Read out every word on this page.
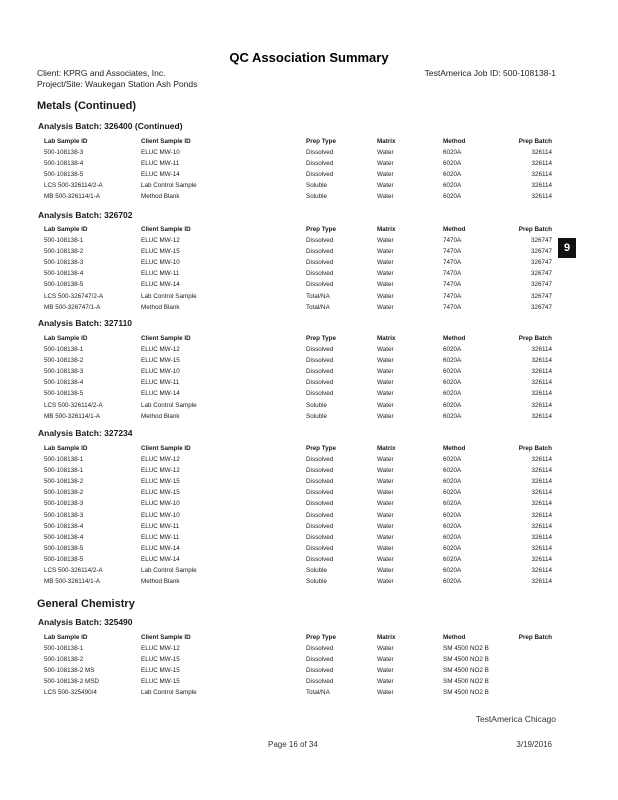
QC Association Summary
Client: KPRG and Associates, Inc.
Project/Site: Waukegan Station Ash Ponds
TestAmerica Job ID: 500-108138-1
9
Metals (Continued)
Analysis Batch: 326400 (Continued)
Lab Sample ID	Client Sample ID	Prep Type	Matrix	Method	Prep Batch
500-108138-3	ELUC MW-10	Dissolved	Water	6020A	326114
500-108138-4	ELUC MW-11	Dissolved	Water	6020A	326114
500-108138-5	ELUC MW-14	Dissolved	Water	6020A	326114
LCS 500-326114/2-A	Lab Control Sample	Soluble	Water	6020A	326114
MB 500-326114/1-A	Method Blank	Soluble	Water	6020A	326114
Analysis Batch: 326702
Lab Sample ID	Client Sample ID	Prep Type	Matrix	Method	Prep Batch
500-108138-1	ELUC MW-12	Dissolved	Water	7470A	326747
500-108138-2	ELUC MW-15	Dissolved	Water	7470A	326747
500-108138-3	ELUC MW-10	Dissolved	Water	7470A	326747
500-108138-4	ELUC MW-11	Dissolved	Water	7470A	326747
500-108138-5	ELUC MW-14	Dissolved	Water	7470A	326747
LCS 500-326747/2-A	Lab Control Sample	Total/NA	Water	7470A	326747
MB 500-326747/1-A	Method Blank	Total/NA	Water	7470A	326747
Analysis Batch: 327110
Lab Sample ID	Client Sample ID	Prep Type	Matrix	Method	Prep Batch
500-108138-1	ELUC MW-12	Dissolved	Water	6020A	326114
500-108138-2	ELUC MW-15	Dissolved	Water	6020A	326114
500-108138-3	ELUC MW-10	Dissolved	Water	6020A	326114
500-108138-4	ELUC MW-11	Dissolved	Water	6020A	326114
500-108138-5	ELUC MW-14	Dissolved	Water	6020A	326114
LCS 500-326114/2-A	Lab Control Sample	Soluble	Water	6020A	326114
MB 500-326114/1-A	Method Blank	Soluble	Water	6020A	326114
Analysis Batch: 327234
Lab Sample ID	Client Sample ID	Prep Type	Matrix	Method	Prep Batch
500-108138-1	ELUC MW-12	Dissolved	Water	6020A	326114
500-108138-1	ELUC MW-12	Dissolved	Water	6020A	326114
500-108138-2	ELUC MW-15	Dissolved	Water	6020A	326114
500-108138-2	ELUC MW-15	Dissolved	Water	6020A	326114
500-108138-3	ELUC MW-10	Dissolved	Water	6020A	326114
500-108138-3	ELUC MW-10	Dissolved	Water	6020A	326114
500-108138-4	ELUC MW-11	Dissolved	Water	6020A	326114
500-108138-4	ELUC MW-11	Dissolved	Water	6020A	326114
500-108138-5	ELUC MW-14	Dissolved	Water	6020A	326114
500-108138-5	ELUC MW-14	Dissolved	Water	6020A	326114
LCS 500-326114/2-A	Lab Control Sample	Soluble	Water	6020A	326114
MB 500-326114/1-A	Method Blank	Soluble	Water	6020A	326114
General Chemistry
Analysis Batch: 325490
Lab Sample ID	Client Sample ID	Prep Type	Matrix	Method	Prep Batch
500-108138-1	ELUC MW-12	Dissolved	Water	SM 4500 NO2 B
500-108138-2	ELUC MW-15	Dissolved	Water	SM 4500 NO2 B
500-108138-2 MS	ELUC MW-15	Dissolved	Water	SM 4500 NO2 B
500-108138-2 MSD	ELUC MW-15	Dissolved	Water	SM 4500 NO2 B
LCS 500-325490/4	Lab Control Sample	Total/NA	Water	SM 4500 NO2 B
TestAmerica Chicago
Page 16 of 34	3/19/2016
